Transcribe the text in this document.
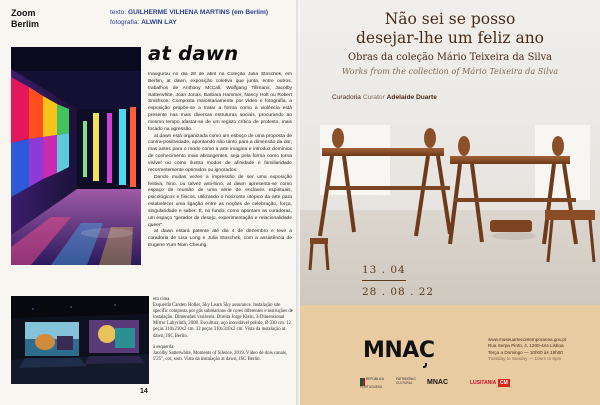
Zoom
Berlim
texto: GUILHERME VILHENA MARTINS (em Berlim)
fotografia: ALWIN LAY
at dawn

Inaugurou no dia 28 de abril na Coleção Julia Stoschek, em Berlim, at dawn, exposição coletiva que junta, entre outros, trabalhos de Anthony McCall, Wolfgang Tillmans, Jacolby Satterwhite, Joan Jonas, Barbara Hammer, Nancy Holt ou Robert Smithson. Composta maioritariamente por vídeo e fotografia, a exposição propõe-se a tratar a forma como a violência está presente nas mais diversas estruturas sociais, procurando ao mesmo tempo afastar-se de um registo crítico de protesto, mais focado na agressão.

at dawn está organizada como um esboço de uma proposta de contra-positividade, apontando não tanto para a dimensão da dor, mas antes para o modo como a arte imagina e introduz domínios de conhecimento mais abrangentes, seja pela forma como torna visível ou como ilustra modos de afinidade e familiaridade recorrentemente oprimidos ou ignorados.

Dando muitas vezes a impressão de ser uma exposição festiva, hino, ou talvez anti-hino, at dawn apresenta-se como espaço de reunião de uma série de enclaves espirituais, psicológicos e físicos, utilizando o horizonte utópico da arte para estabelecer uma ligação entre as noções de celebração, força, singularidade e saber. É, no fundo, como apontam as curadoras, um espaço "gerador de desejo, experimentação e relacionalidade queer".

at dawn estará patente até dia 4 de dezembro e teve a curadoria de Lisa Long e Julia Stoschek, com a assistência de Eugene Yurn Nam Cheung.

em cima
Esquerda Carsten Holler, Sky Learn Sky assurance. Instalação site specific composta por gás submarinos de cores diferentes e instruções de instalação. Dimensões variáveis. Direita Jorge Klein, 3-Dimensional Mirror Labyrinth, 2008. Escultura; aço inoxidável polido, Ø 330 cm. 12 peças 310x210x2 cm. 12 peças 310x310x2 cm. Vista da instalação at dawn, JSC Berlin.
à esquerda
Jacolby Satterwhite, Moments of Silence, 2019. Vídeo de dois canais, 5'25", cor, som. Vista da instalação at dawn, JSC Berlin.
14
Não sei se posso
desejar-lhe um feliz ano
Obras da coleção Mário Teixeira da Silva
Works from the collection of Mário Teixeira da Silva
Curadoria Curator Adelaide Duarte
13 . 04
28 . 08 . 22
MNAC	www.museuartecontemporanea.gov.pt
Rua Serpa Pinto, 4, 1200-444 Lisboa
Terça a Domingo — 10h00 às 18h00
Tuesday to Sunday — 10am to 6pm
REPÚBLICA PORTUGUESA
PATRIMÓNIO CULTURAL	MNAC	LUSITANIA CM
